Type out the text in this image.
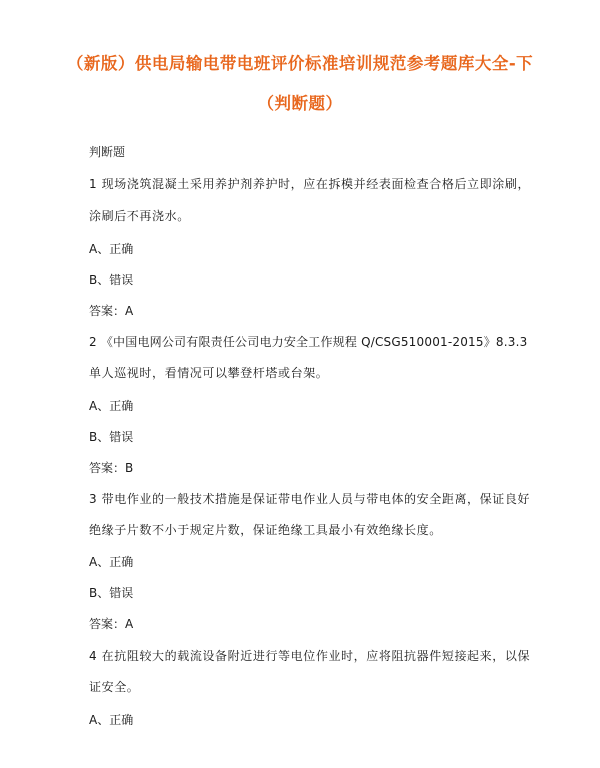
（新版）供电局输电带电班评价标准培训规范参考题库大全-下
（判断题）
判断题
1 现场浇筑混凝土采用养护剂养护时，应在拆模并经表面检查合格后立即涂刷，
涂刷后不再浇水。
A、正确
B、错误
答案：A
2 《中国电网公司有限责任公司电力安全工作规程 Q/CSG510001-2015》8.3.3
单人巡视时，看情况可以攀登杆塔或台架。
A、正确
B、错误
答案：B
3 带电作业的一般技术措施是保证带电作业人员与带电体的安全距离，保证良好
绝缘子片数不小于规定片数，保证绝缘工具最小有效绝缘长度。
A、正确
B、错误
答案：A
4 在抗阻较大的载流设备附近进行等电位作业时，应将阻抗器件短接起来，以保
证安全。
A、正确
